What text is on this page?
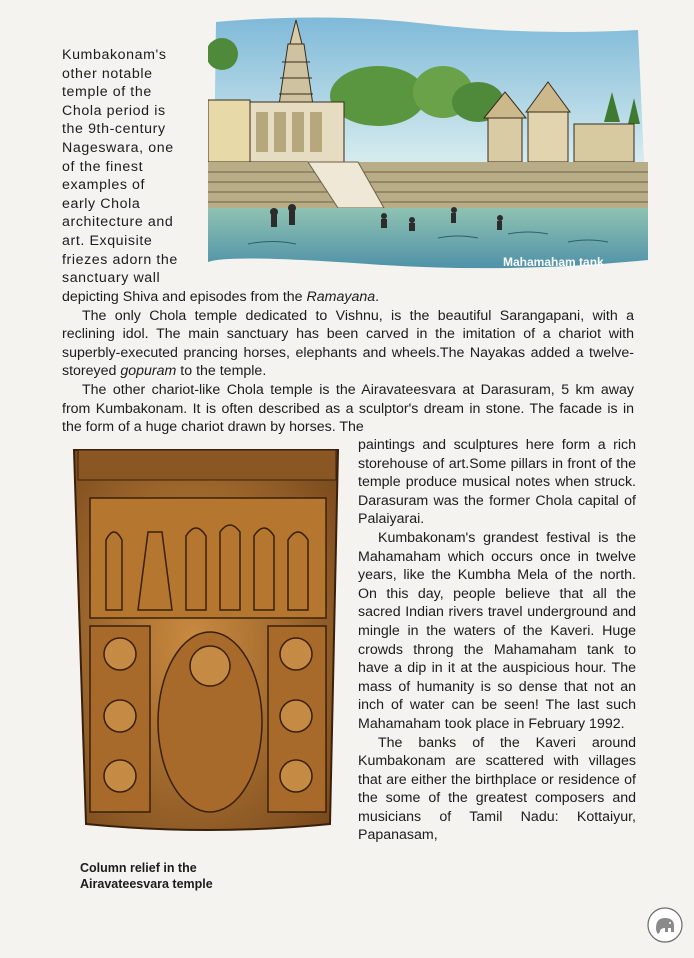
Mahamaham tank
Kumbakonam's
other notable
temple of the
Chola period is
the 9th-century
Nageswara, one
of the finest
examples of
early Chola
architecture and
art. Exquisite
friezes adorn the
sanctuary wall

depicting Shiva and episodes from the Ramayana.

The only Chola temple dedicated to Vishnu, is the beautiful Sarangapani, with a reclining idol. The main sanctuary has been carved in the imitation of a chariot with superbly-executed prancing horses, elephants and wheels.The Nayakas added a twelve-storeyed gopuram to the temple.

The other chariot-like Chola temple is the Airavateesvara at Darasuram, 5 km away from Kumbakonam. It is often described as a sculptor's dream in stone. The facade is in the form of a huge chariot drawn by horses. The

paintings and sculptures here form a rich storehouse of art.Some pillars in front of the temple produce musical notes when struck. Darasuram was the former Chola capital of Palaiyarai.

Kumbakonam's grandest festival is the Mahamaham which occurs once in twelve years, like the Kumbha Mela of the north. On this day, people believe that all the sacred Indian rivers travel underground and mingle in the waters of the Kaveri. Huge crowds throng the Mahamaham tank to have a dip in it at the auspicious hour. The mass of humanity is so dense that not an inch of water can be seen! The last such Mahamaham took place in February 1992.

The banks of the Kaveri around Kumbakonam are scattered with villages that are either the birthplace or residence of the some of the greatest composers and musicians of Tamil Nadu: Kottaiyur, Papanasam,

Column relief in the
Airavateesvara temple
